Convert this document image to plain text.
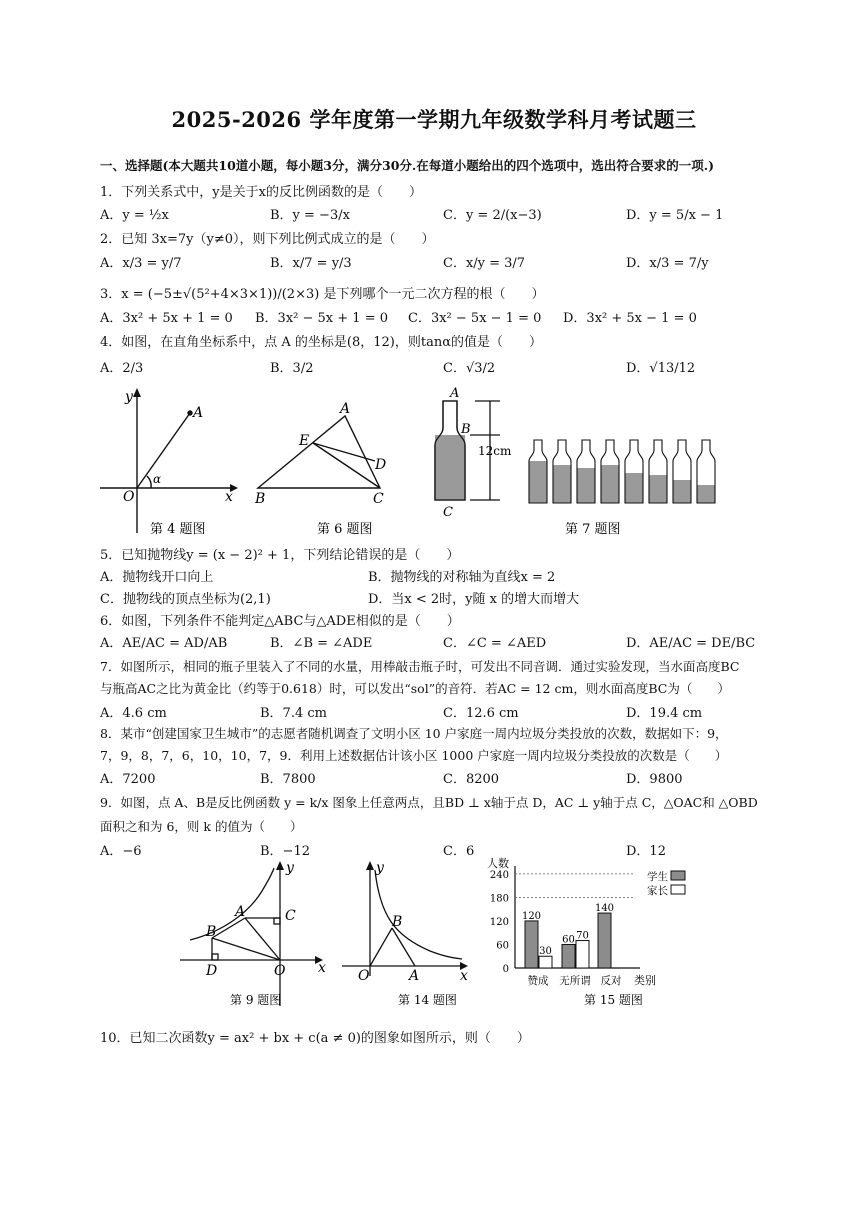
2025-2026 学年度第一学期九年级数学科月考试题三
一、选择题(本大题共10道小题，每小题3分，满分30分.在每道小题给出的四个选项中，选出符合要求的一项.)
1．下列关系式中，y是关于x的反比例函数的是（　　）
A．y = ½x	B．y = −3/x	C．y = 2/(x−3)	D．y = 5/x − 1
2．已知 3x=7y（y≠0），则下列比例式成立的是（　　）
A．x/3 = y/7	B．x/7 = y/3	C．x/y = 3/7	D．x/3 = 7/y
3．x = (−5±√(5²+4×3×1))/(2×3) 是下列哪个一元二次方程的根（　　）
A．3x² + 5x + 1 = 0 B．3x² − 5x + 1 = 0 C．3x² − 5x − 1 = 0 D．3x² + 5x − 1 = 0
4．如图，在直角坐标系中，点 A 的坐标是(8，12)，则tanα的值是（　　）
A．2/3	B．3/2	C．√3/2	D．√13/12
y
A
O	x
α
第 4 题图
A
E
D
B	C
第 6 题图
A
B
C
12cm
第 7 题图
5．已知抛物线y = (x − 2)² + 1，下列结论错误的是（　　）
A．抛物线开口向上	B．抛物线的对称轴为直线x = 2
C．抛物线的顶点坐标为(2,1)	D．当x < 2时，y随 x 的增大而增大
6．如图，下列条件不能判定△ABC与△ADE相似的是（　　）
A．AE/AC = AD/AB	B．∠B = ∠ADE	C．∠C = ∠AED	D．AE/AC = DE/BC
7．如图所示，相同的瓶子里装入了不同的水量，用棒敲击瓶子时，可发出不同音调．通过实验发现，当水面高度BC
与瓶高AC之比为黄金比（约等于0.618）时，可以发出“sol”的音符．若AC = 12 cm，则水面高度BC为（　　）
A．4.6 cm	B．7.4 cm	C．12.6 cm	D．19.4 cm
8．某市“创建国家卫生城市”的志愿者随机调查了文明小区 10 户家庭一周内垃圾分类投放的次数，数据如下：9，
7，9，8，7，6，10，10，7，9．利用上述数据估计该小区 1000 户家庭一周内垃圾分类投放的次数是（　　）
A．7200	B．7800	C．8200	D．9800
9．如图，点 A、B是反比例函数 y = k/x 图象上任意两点，且BD ⊥ x轴于点 D，AC ⊥ y轴于点 C，△OAC和 △OBD
面积之和为 6，则 k 的值为（　　）
A．−6	B．−12	C．6	D．12
y
A
B
C
D	O x
第 9 题图
y
B
O	A	x
第 14 题图
人数
类别
0
60
120
180
240
120
60
140
30
70
赞成 无所谓 反对
学生
家长
第 15 题图
10．已知二次函数y = ax² + bx + c(a ≠ 0)的图象如图所示，则（　　）
